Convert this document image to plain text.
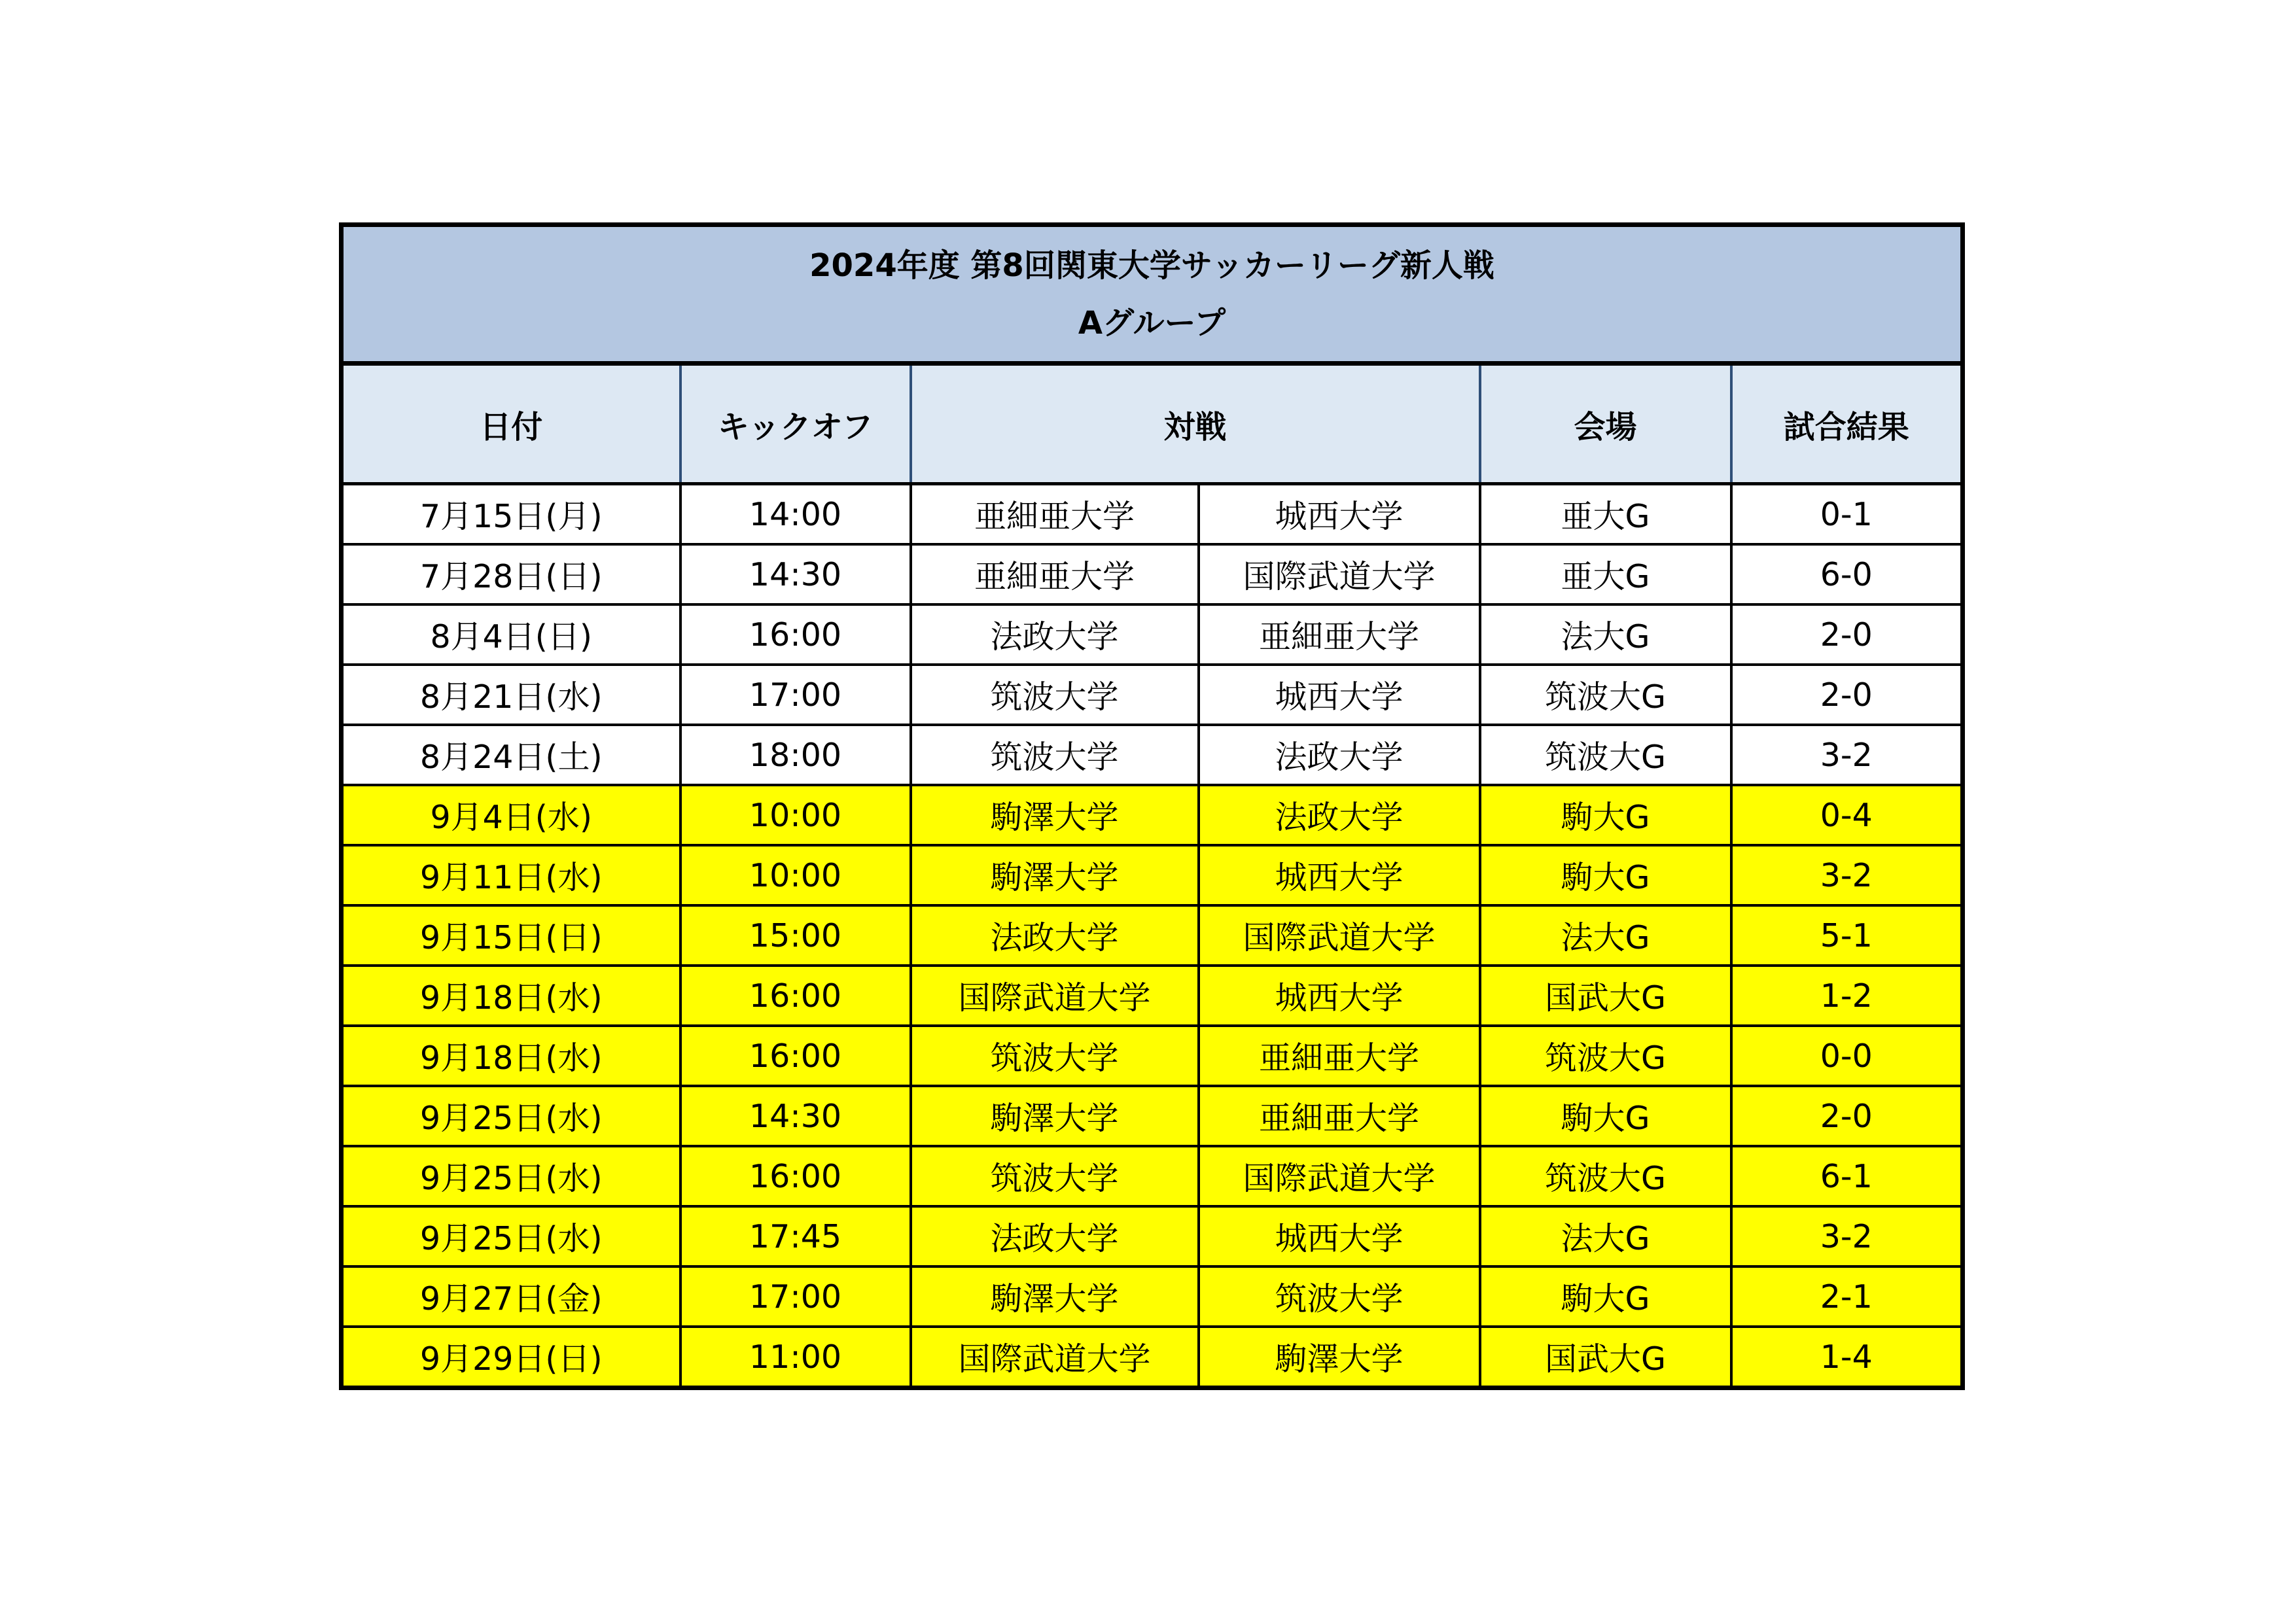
2024年度 第8回関東大学サッカーリーグ新人戦
Aグループ					

日付	キックオフ	対戦		会場	試合結果
7月15日(月)	14:00	亜細亜大学	城西大学	亜大G	0-1
7月28日(日)	14:30	亜細亜大学	国際武道大学	亜大G	6-0
8月4日(日)	16:00	法政大学	亜細亜大学	法大G	2-0
8月21日(水)	17:00	筑波大学	城西大学	筑波大G	2-0
8月24日(土)	18:00	筑波大学	法政大学	筑波大G	3-2
9月4日(水)	10:00	駒澤大学	法政大学	駒大G	0-4
9月11日(水)	10:00	駒澤大学	城西大学	駒大G	3-2
9月15日(日)	15:00	法政大学	国際武道大学	法大G	5-1
9月18日(水)	16:00	国際武道大学	城西大学	国武大G	1-2
9月18日(水)	16:00	筑波大学	亜細亜大学	筑波大G	0-0
9月25日(水)	14:30	駒澤大学	亜細亜大学	駒大G	2-0
9月25日(水)	16:00	筑波大学	国際武道大学	筑波大G	6-1
9月25日(水)	17:45	法政大学	城西大学	法大G	3-2
9月27日(金)	17:00	駒澤大学	筑波大学	駒大G	2-1
9月29日(日)	11:00	国際武道大学	駒澤大学	国武大G	1-4
